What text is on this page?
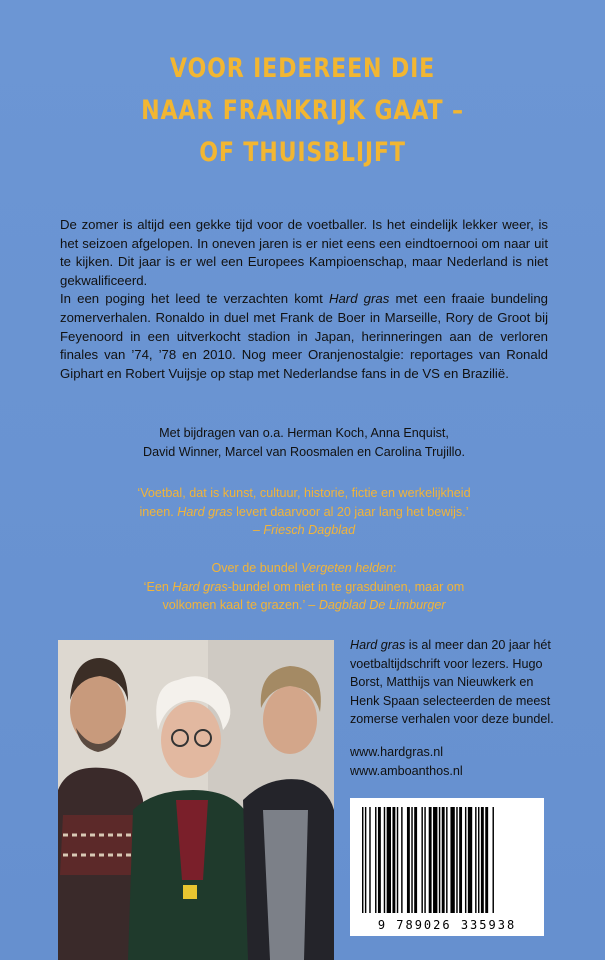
VOOR IEDEREEN DIE
NAAR FRANKRIJK GAAT –
OF THUISBLIJFT

De zomer is altijd een gekke tijd voor de voetballer. Is het eindelijk lekker weer, is het seizoen afgelopen. In oneven jaren is er niet eens een eindtoernooi om naar uit te kijken. Dit jaar is er wel een Europees Kampioenschap, maar Nederland is niet gekwalificeerd.

In een poging het leed te verzachten komt Hard gras met een fraaie bundeling zomerverhalen. Ronaldo in duel met Frank de Boer in Marseille, Rory de Groot bij Feyenoord in een uitverkocht stadion in Japan, herinneringen aan de verloren finales van ’74, ’78 en 2010. Nog meer Oranjenostalgie: reportages van Ronald Giphart en Robert Vuijsje op stap met Nederlandse fans in de VS en Brazilië.

Met bijdragen van o.a. Herman Koch, Anna Enquist,
David Winner, Marcel van Roosmalen en Carolina Trujillo.
‘Voetbal, dat is kunst, cultuur, historie, fictie en werkelijkheid
ineen. Hard gras levert daarvoor al 20 jaar lang het bewijs.’
– Friesch Dagblad
Over de bundel Vergeten helden:
‘Een Hard gras-bundel om niet in te grasduinen, maar om
volkomen kaal te grazen.’ – Dagblad De Limburger

Hard gras is al meer dan 20 jaar hét voetbaltijdschrift voor lezers. Hugo Borst, Matthijs van Nieuwkerk en Henk Spaan selecteerden de meest zomerse verhalen voor deze bundel.

www.hardgras.nl
www.amboanthos.nl
9 789026 335938
